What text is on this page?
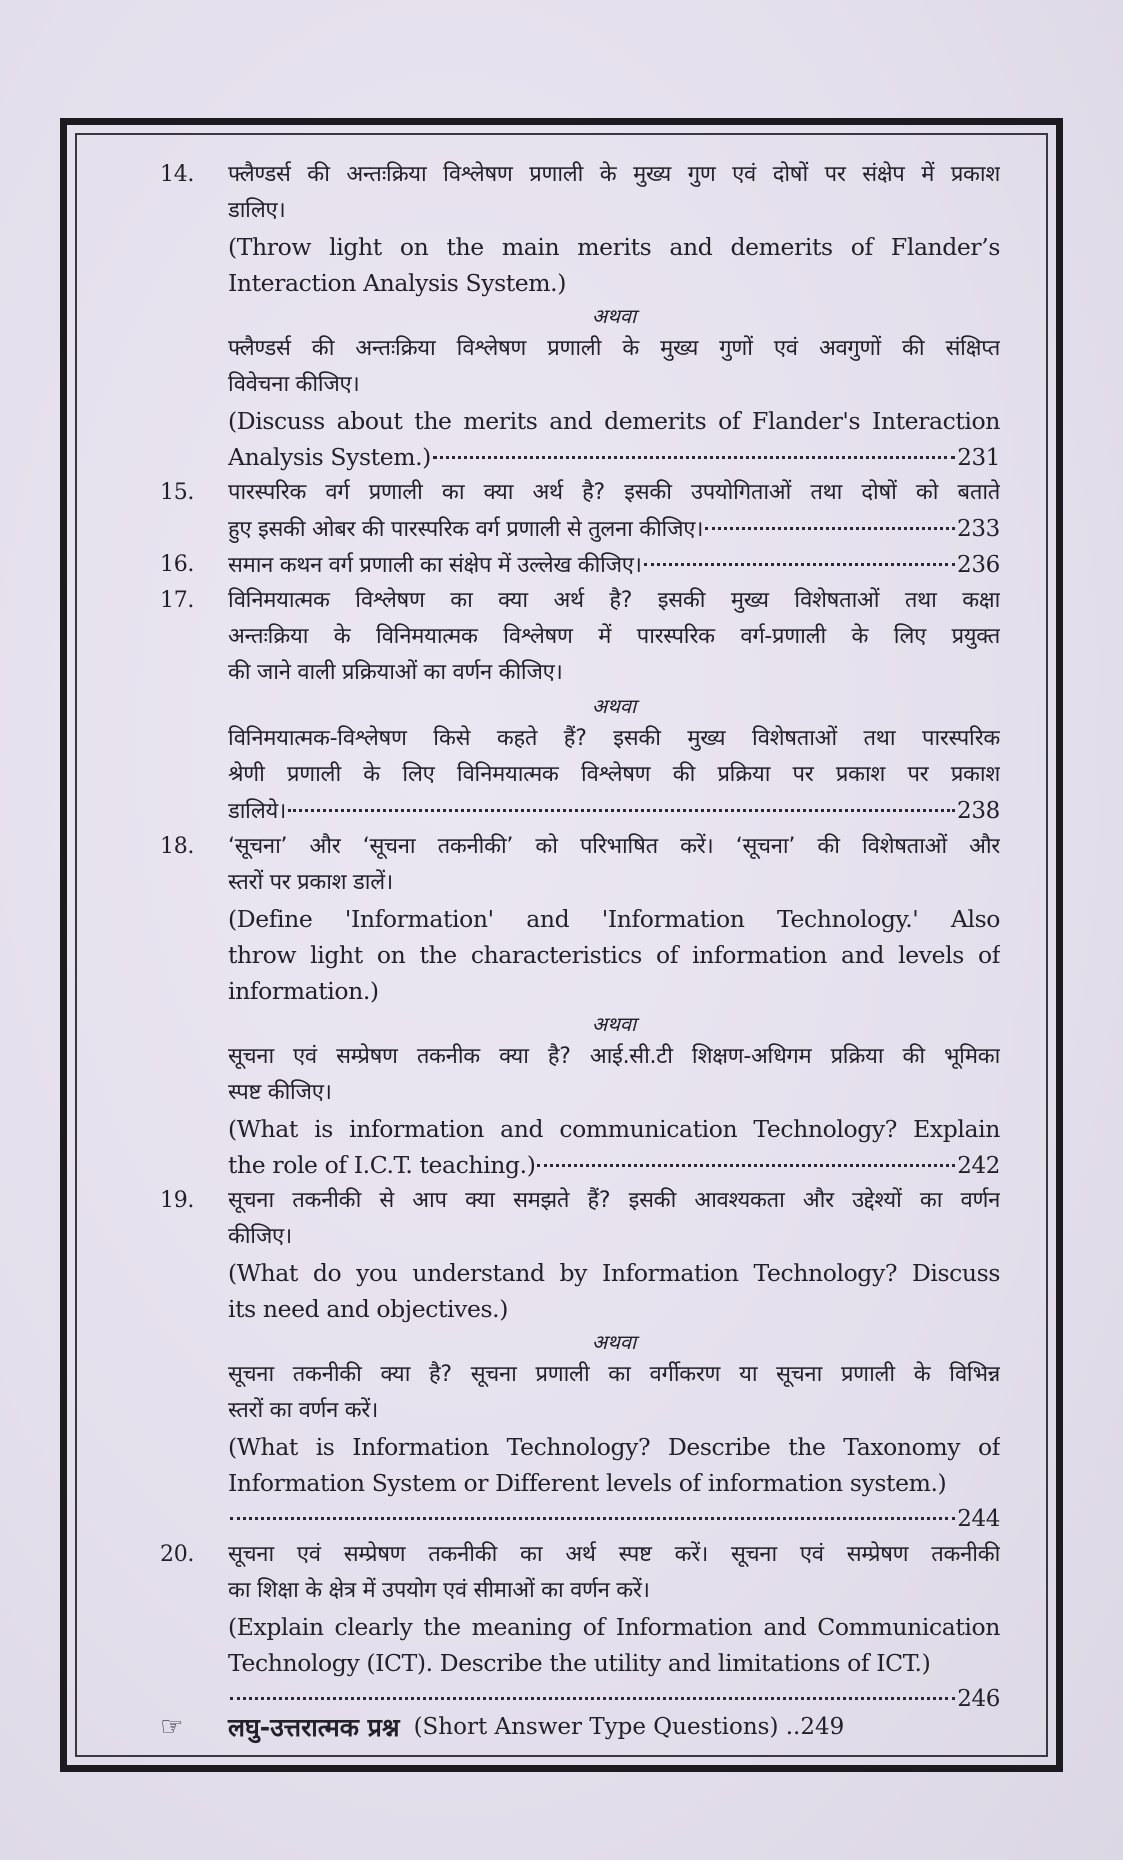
14.	फ्लैण्डर्स की अन्तःक्रिया विश्लेषण प्रणाली के मुख्य गुण एवं दोषों पर संक्षेप में प्रकाश
डालिए।
(Throw light on the main merits and demerits of Flander’s
Interaction Analysis System.)
अथवा
फ्लैण्डर्स की अन्तःक्रिया विश्लेषण प्रणाली के मुख्य गुणों एवं अवगुणों की संक्षिप्त
विवेचना कीजिए।
(Discuss about the merits and demerits of Flander's Interaction
Analysis System.)	231
15.	पारस्परिक वर्ग प्रणाली का क्या अर्थ है? इसकी उपयोगिताओं तथा दोषों को बताते
हुए इसकी ओबर की पारस्परिक वर्ग प्रणाली से तुलना कीजिए।	233
16.	समान कथन वर्ग प्रणाली का संक्षेप में उल्लेख कीजिए।	236
17.	विनिमयात्मक विश्लेषण का क्या अर्थ है? इसकी मुख्य विशेषताओं तथा कक्षा
अन्तःक्रिया के विनिमयात्मक विश्लेषण में पारस्परिक वर्ग-प्रणाली के लिए प्रयुक्त
की जाने वाली प्रक्रियाओं का वर्णन कीजिए।
अथवा
विनिमयात्मक-विश्लेषण किसे कहते हैं? इसकी मुख्य विशेषताओं तथा पारस्परिक
श्रेणी प्रणाली के लिए विनिमयात्मक विश्लेषण की प्रक्रिया पर प्रकाश पर प्रकाश
डालिये।	238
18.	‘सूचना’ और ‘सूचना तकनीकी’ को परिभाषित करें। ‘सूचना’ की विशेषताओं और
स्तरों पर प्रकाश डालें।
(Define 'Information' and 'Information Technology.' Also
throw light on the characteristics of information and levels of
information.)
अथवा
सूचना एवं सम्प्रेषण तकनीक क्या है? आई.सी.टी शिक्षण-अधिगम प्रक्रिया की भूमिका
स्पष्ट कीजिए।
(What is information and communication Technology? Explain
the role of I.C.T. teaching.)	242
19.	सूचना तकनीकी से आप क्या समझते हैं? इसकी आवश्यकता और उद्देश्यों का वर्णन
कीजिए।
(What do you understand by Information Technology? Discuss
its need and objectives.)
अथवा
सूचना तकनीकी क्या है? सूचना प्रणाली का वर्गीकरण या सूचना प्रणाली के विभिन्न
स्तरों का वर्णन करें।
(What is Information Technology? Describe the Taxonomy of
Information System or Different levels of information system.)
244
20.	सूचना एवं सम्प्रेषण तकनीकी का अर्थ स्पष्ट करें। सूचना एवं सम्प्रेषण तकनीकी
का शिक्षा के क्षेत्र में उपयोग एवं सीमाओं का वर्णन करें।
(Explain clearly the meaning of Information and Communication
Technology (ICT). Describe the utility and limitations of ICT.)
246
☞	लघु-उत्तरात्मक प्रश्न (Short Answer Type Questions) ..249
